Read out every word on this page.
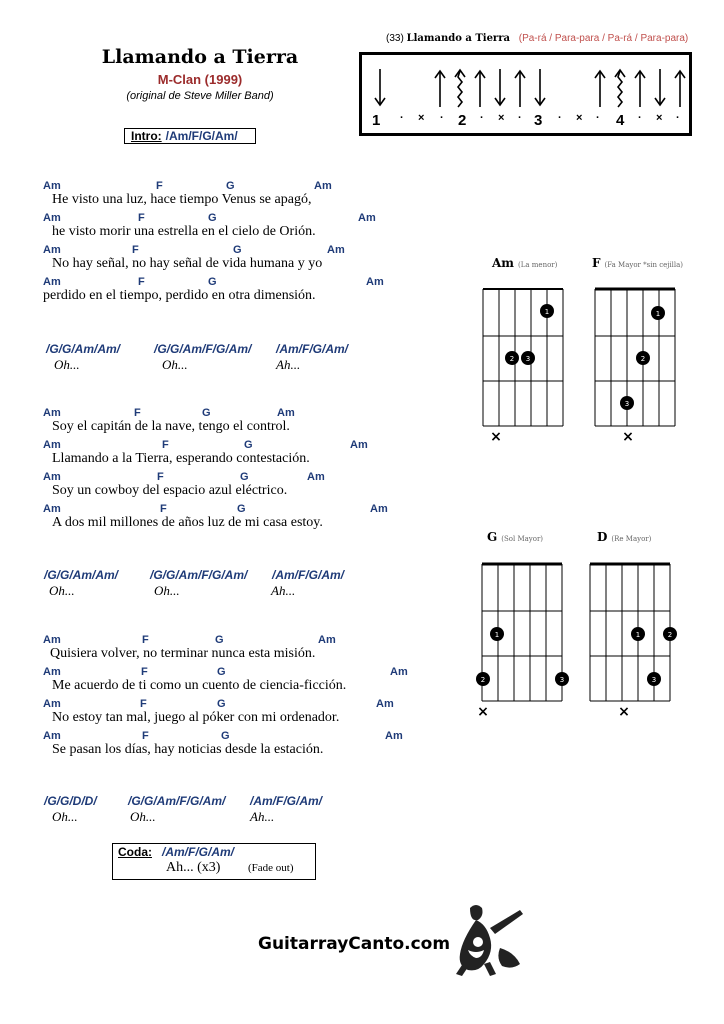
Llamando a Tierra
M-Clan (1999)
(original de Steve Miller Band)
Intro: /Am/F/G/Am/
(33) Llamando a Tierra (Pa-rá / Para-para / Pa-rá / Para-para)
1 · × · 2 · × · 3 · × · 4 · × ·
Am	F	G	Am
He visto una luz, hace tiempo Venus se apagó,
Am	F	G	Am
he visto morir una estrella en el cielo de Orión.
Am	F	G	Am
No hay señal, no hay señal de vida humana y yo
Am	F	G	Am
perdido en el tiempo, perdido en otra dimensión.
Am	F	G	Am
Soy el capitán de la nave, tengo el control.
Am	F	G	Am
Llamando a la Tierra, esperando contestación.
Am	F	G	Am
Soy un cowboy del espacio azul eléctrico.
Am	F	G	Am
A dos mil millones de años luz de mi casa estoy.
Am	F	G	Am
Quisiera volver, no terminar nunca esta misión.
Am	F	G	Am
Me acuerdo de ti como un cuento de ciencia-ficción.
Am	F	G	Am
No estoy tan mal, juego al póker con mi ordenador.
Am	F	G	Am
Se pasan los días, hay noticias desde la estación.
/G/G/Am/Am/	/G/G/Am/F/G/Am/ /Am/F/G/Am/
Oh...	Oh...	Ah...
/G/G/Am/Am/	/G/G/Am/F/G/Am/ /Am/F/G/Am/
Oh...	Oh...	Ah...
/G/G/D/D/	/G/G/Am/F/G/Am/ /Am/F/G/Am/
Oh...	Oh...	Ah...
Am (La menor)	F (Fa Mayor *sin cejilla)
G (Sol Mayor)	D (Re Mayor)
1
2 3
×
1
2
3
×
1
2	3
×
1	2
3
×
Coda: /Am/F/G/Am/
Ah... (x3)	(Fade out)
GuitarrayCanto.com
